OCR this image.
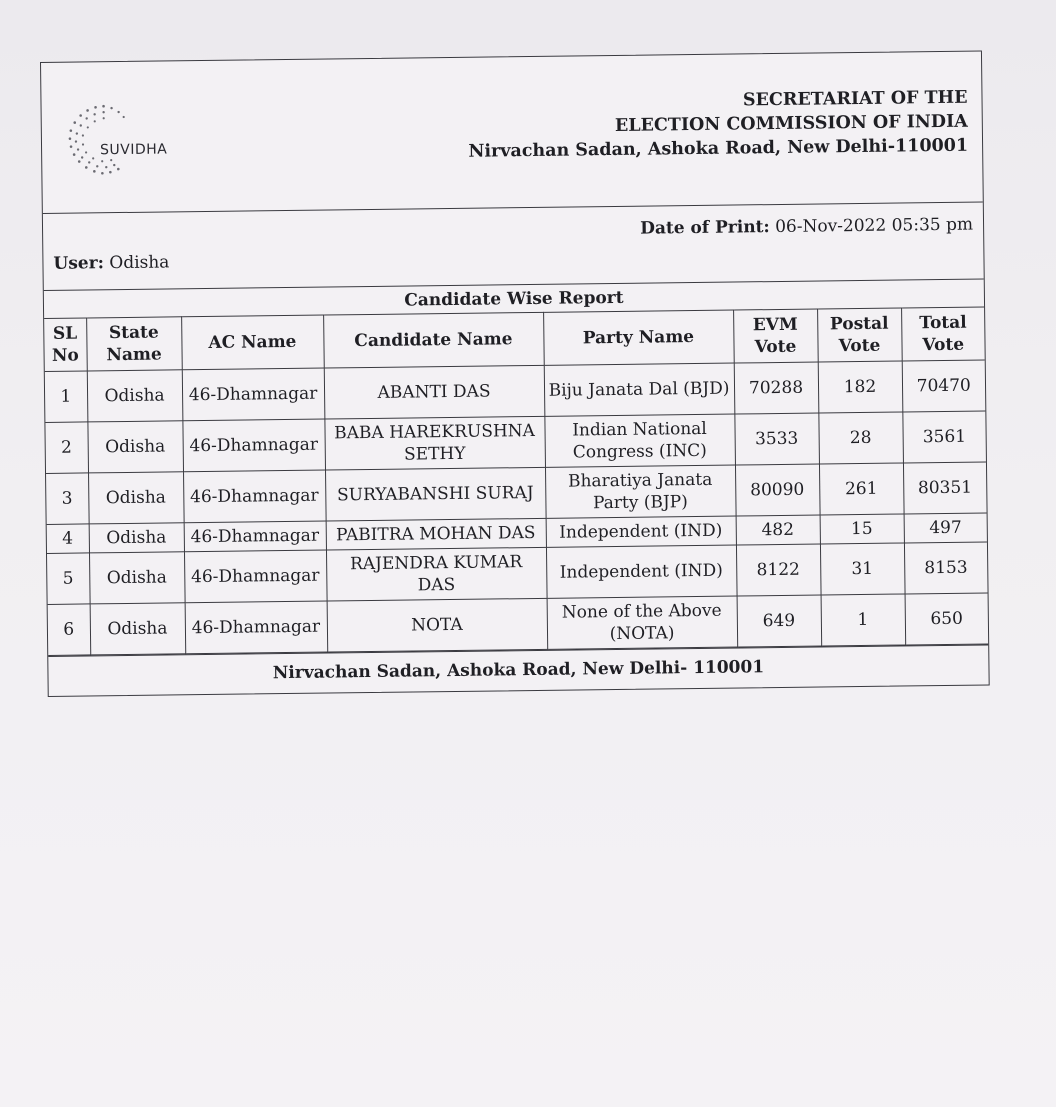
SUVIDHA
SECRETARIAT OF THE
ELECTION COMMISSION OF INDIA
Nirvachan Sadan, Ashoka Road, New Delhi-110001
Date of Print: 06-Nov-2022 05:35 pm
User: Odisha
Candidate Wise Report
SL No	State Name	AC Name	Candidate Name	Party Name	EVM Vote	Postal Vote	Total Vote
1	Odisha	46-Dhamnagar	ABANTI DAS	Biju Janata Dal (BJD)	70288	182	70470
2	Odisha	46-Dhamnagar	BABA HAREKRUSHNA SETHY	Indian National Congress (INC)	3533	28	3561
3	Odisha	46-Dhamnagar	SURYABANSHI SURAJ	Bharatiya Janata Party (BJP)	80090	261	80351
4	Odisha	46-Dhamnagar	PABITRA MOHAN DAS	Independent (IND)	482	15	497
5	Odisha	46-Dhamnagar	RAJENDRA KUMAR DAS	Independent (IND)	8122	31	8153
6	Odisha	46-Dhamnagar	NOTA	None of the Above (NOTA)	649	1	650
Nirvachan Sadan, Ashoka Road, New Delhi- 110001
